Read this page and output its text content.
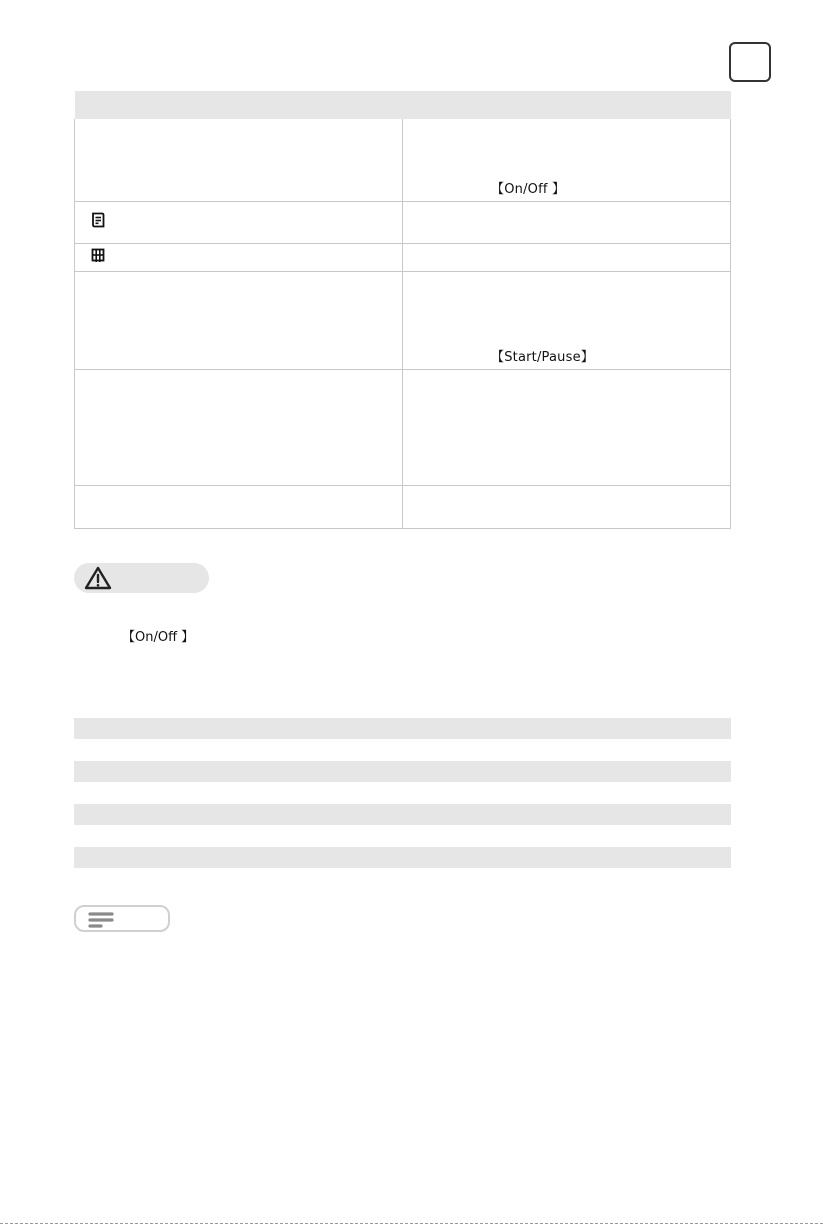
	【On/Off 】

	【Start/Pause】

【On/Off 】
